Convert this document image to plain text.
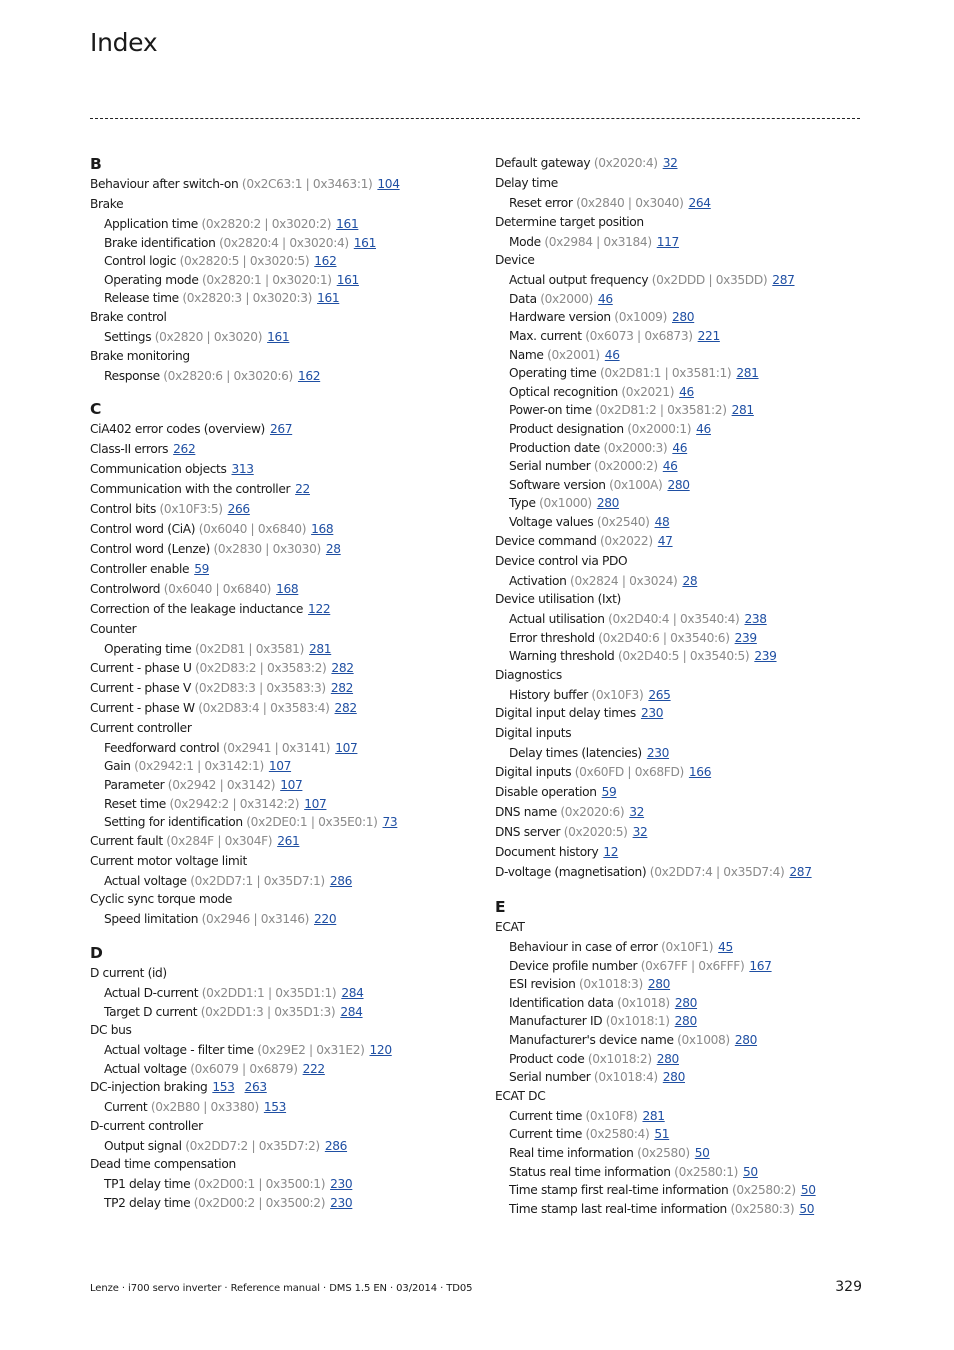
Index
B
Behaviour after switch-on (0x2C63:1 | 0x3463:1) 104
Brake
Application time (0x2820:2 | 0x3020:2) 161
Brake identification (0x2820:4 | 0x3020:4) 161
Control logic (0x2820:5 | 0x3020:5) 162
Operating mode (0x2820:1 | 0x3020:1) 161
Release time (0x2820:3 | 0x3020:3) 161
Brake control
Settings (0x2820 | 0x3020) 161
Brake monitoring
Response (0x2820:6 | 0x3020:6) 162
C
CiA402 error codes (overview) 267
Class-II errors 262
Communication objects 313
Communication with the controller 22
Control bits (0x10F3:5) 266
Control word (CiA) (0x6040 | 0x6840) 168
Control word (Lenze) (0x2830 | 0x3030) 28
Controller enable 59
Controlword (0x6040 | 0x6840) 168
Correction of the leakage inductance 122
Counter
Operating time (0x2D81 | 0x3581) 281
Current - phase U (0x2D83:2 | 0x3583:2) 282
Current - phase V (0x2D83:3 | 0x3583:3) 282
Current - phase W (0x2D83:4 | 0x3583:4) 282
Current controller
Feedforward control (0x2941 | 0x3141) 107
Gain (0x2942:1 | 0x3142:1) 107
Parameter (0x2942 | 0x3142) 107
Reset time (0x2942:2 | 0x3142:2) 107
Setting for identification (0x2DE0:1 | 0x35E0:1) 73
Current fault (0x284F | 0x304F) 261
Current motor voltage limit
Actual voltage (0x2DD7:1 | 0x35D7:1) 286
Cyclic sync torque mode
Speed limitation (0x2946 | 0x3146) 220
D
D current (id)
Actual D-current (0x2DD1:1 | 0x35D1:1) 284
Target D current (0x2DD1:3 | 0x35D1:3) 284
DC bus
Actual voltage - filter time (0x29E2 | 0x31E2) 120
Actual voltage (0x6079 | 0x6879) 222
DC-injection braking 153 263
Current (0x2B80 | 0x3380) 153
D-current controller
Output signal (0x2DD7:2 | 0x35D7:2) 286
Dead time compensation
TP1 delay time (0x2D00:1 | 0x3500:1) 230
TP2 delay time (0x2D00:2 | 0x3500:2) 230
Default gateway (0x2020:4) 32
Delay time
Reset error (0x2840 | 0x3040) 264
Determine target position
Mode (0x2984 | 0x3184) 117
Device
Actual output frequency (0x2DDD | 0x35DD) 287
Data (0x2000) 46
Hardware version (0x1009) 280
Max. current (0x6073 | 0x6873) 221
Name (0x2001) 46
Operating time (0x2D81:1 | 0x3581:1) 281
Optical recognition (0x2021) 46
Power-on time (0x2D81:2 | 0x3581:2) 281
Product designation (0x2000:1) 46
Production date (0x2000:3) 46
Serial number (0x2000:2) 46
Software version (0x100A) 280
Type (0x1000) 280
Voltage values (0x2540) 48
Device command (0x2022) 47
Device control via PDO
Activation (0x2824 | 0x3024) 28
Device utilisation (Ixt)
Actual utilisation (0x2D40:4 | 0x3540:4) 238
Error threshold (0x2D40:6 | 0x3540:6) 239
Warning threshold (0x2D40:5 | 0x3540:5) 239
Diagnostics
History buffer (0x10F3) 265
Digital input delay times 230
Digital inputs
Delay times (latencies) 230
Digital inputs (0x60FD | 0x68FD) 166
Disable operation 59
DNS name (0x2020:6) 32
DNS server (0x2020:5) 32
Document history 12
D-voltage (magnetisation) (0x2DD7:4 | 0x35D7:4) 287
E
ECAT
Behaviour in case of error (0x10F1) 45
Device profile number (0x67FF | 0x6FFF) 167
ESI revision (0x1018:3) 280
Identification data (0x1018) 280
Manufacturer ID (0x1018:1) 280
Manufacturer's device name (0x1008) 280
Product code (0x1018:2) 280
Serial number (0x1018:4) 280
ECAT DC
Current time (0x10F8) 281
Current time (0x2580:4) 51
Real time information (0x2580) 50
Status real time information (0x2580:1) 50
Time stamp first real-time information (0x2580:2) 50
Time stamp last real-time information (0x2580:3) 50
Lenze · i700 servo inverter · Reference manual · DMS 1.5 EN · 03/2014 · TD05	329
